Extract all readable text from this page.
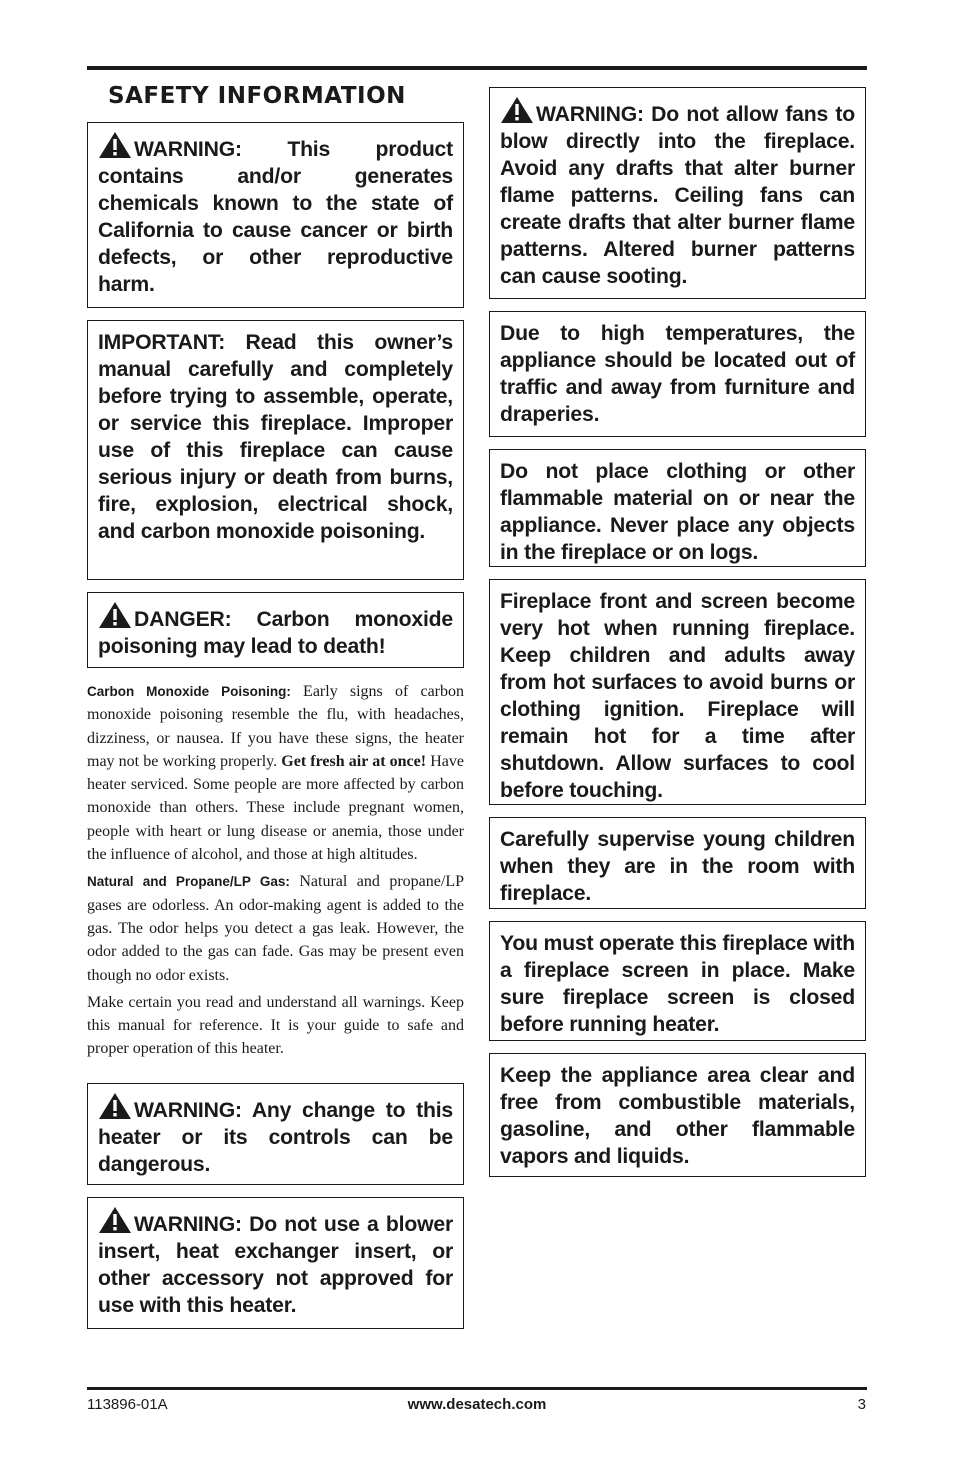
SAFETY INFORMATION
WARNING: This product contains and/or generates chemicals known to the state of California to cause cancer or birth defects, or other reproductive harm.
IMPORTANT: Read this owner’s manual carefully and completely before trying to assemble, operate, or service this fireplace. Improper use of this fireplace can cause serious injury or death from burns, fire, explosion, electrical shock, and carbon monoxide poisoning.
DANGER: Carbon monoxide poisoning may lead to death!

Carbon Monoxide Poisoning: Early signs of carbon monoxide poisoning resemble the flu, with headaches, dizziness, or nausea. If you have these signs, the heater may not be working properly. Get fresh air at once! Have heater serviced. Some people are more affected by carbon monoxide than others. These include pregnant women, people with heart or lung disease or anemia, those under the influence of alcohol, and those at high altitudes.

Natural and Propane/LP Gas: Natural and propane/LP gases are odorless. An odor-making agent is added to the gas. The odor helps you detect a gas leak. However, the odor added to the gas can fade. Gas may be present even though no odor exists.

Make certain you read and understand all warnings. Keep this manual for reference. It is your guide to safe and proper operation of this heater.

WARNING: Any change to this heater or its controls can be dangerous.
WARNING: Do not use a blower insert, heat exchanger insert, or other accessory not approved for use with this heater.
WARNING: Do not allow fans to blow directly into the fireplace. Avoid any drafts that alter burner flame patterns. Ceiling fans can create drafts that alter burner flame patterns. Altered burner patterns can cause sooting.
Due to high temperatures, the appliance should be located out of traffic and away from furniture and draperies.
Do not place clothing or other flammable material on or near the appliance. Never place any objects in the fireplace or on logs.
Fireplace front and screen become very hot when running fireplace. Keep children and adults away from hot surfaces to avoid burns or clothing ignition. Fireplace will remain hot for a time after shutdown. Allow surfaces to cool before touching.
Carefully supervise young children when they are in the room with fireplace.
You must operate this fireplace with a fireplace screen in place. Make sure fireplace screen is closed before running heater.
Keep the appliance area clear and free from combustible materials, gasoline, and other flammable vapors and liquids.
113896-01A	www.desatech.com	3
